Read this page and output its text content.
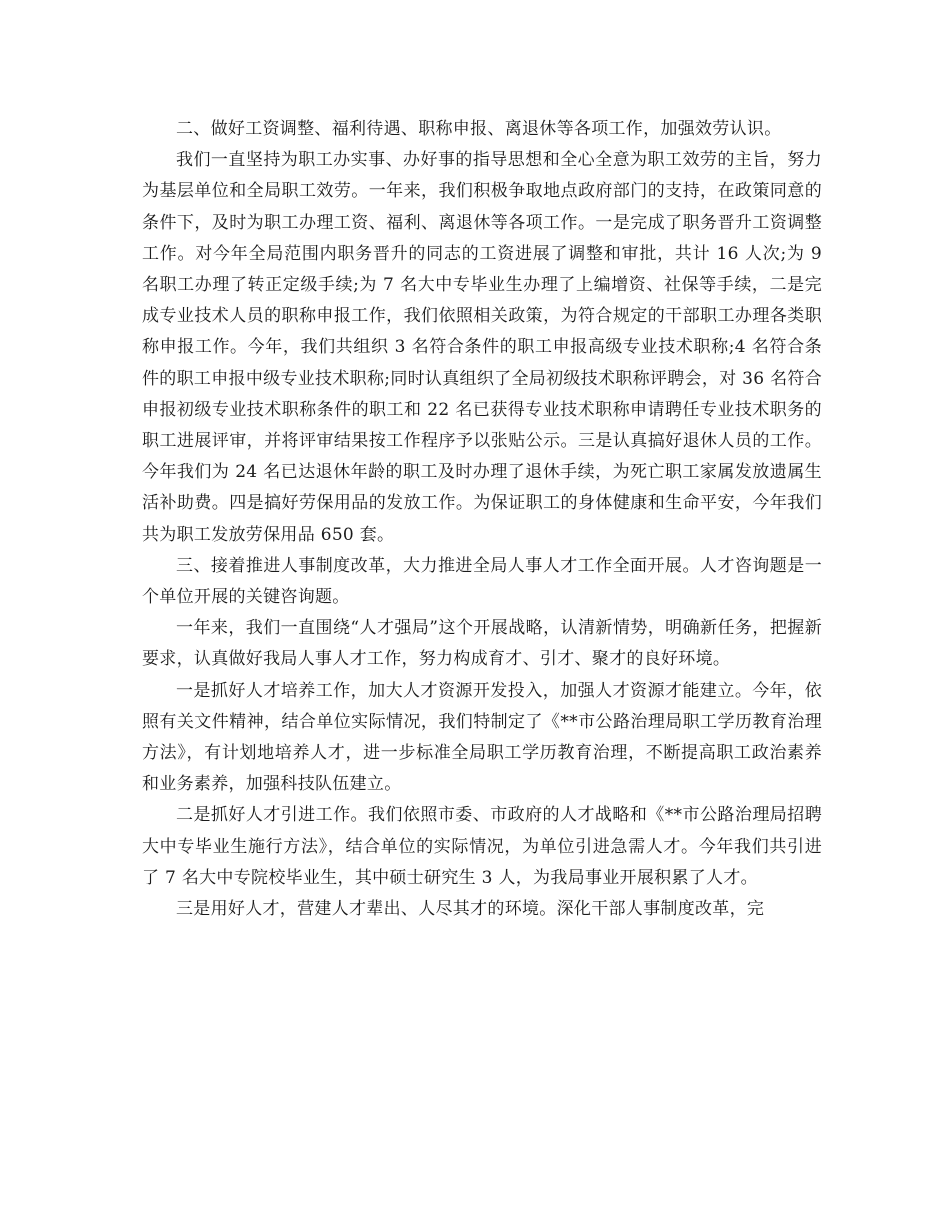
二、做好工资调整、福利待遇、职称申报、离退休等各项工作，加强效劳认识。

我们一直坚持为职工办实事、办好事的指导思想和全心全意为职工效劳的主旨，努力为基层单位和全局职工效劳。一年来，我们积极争取地点政府部门的支持，在政策同意的条件下，及时为职工办理工资、福利、离退休等各项工作。一是完成了职务晋升工资调整工作。对今年全局范围内职务晋升的同志的工资进展了调整和审批，共计 16 人次;为 9 名职工办理了转正定级手续;为 7 名大中专毕业生办理了上编增资、社保等手续，二是完成专业技术人员的职称申报工作，我们依照相关政策，为符合规定的干部职工办理各类职称申报工作。今年，我们共组织 3 名符合条件的职工申报高级专业技术职称;4 名符合条件的职工申报中级专业技术职称;同时认真组织了全局初级技术职称评聘会，对 36 名符合申报初级专业技术职称条件的职工和 22 名已获得专业技术职称申请聘任专业技术职务的职工进展评审，并将评审结果按工作程序予以张贴公示。三是认真搞好退休人员的工作。今年我们为 24 名已达退休年龄的职工及时办理了退休手续，为死亡职工家属发放遗属生活补助费。四是搞好劳保用品的发放工作。为保证职工的身体健康和生命平安，今年我们共为职工发放劳保用品 650 套。

三、接着推进人事制度改革，大力推进全局人事人才工作全面开展。人才咨询题是一个单位开展的关键咨询题。

一年来，我们一直围绕“人才强局”这个开展战略，认清新情势，明确新任务，把握新要求，认真做好我局人事人才工作，努力构成育才、引才、聚才的良好环境。

一是抓好人才培养工作，加大人才资源开发投入，加强人才资源才能建立。今年，依照有关文件精神，结合单位实际情况，我们特制定了《**市公路治理局职工学历教育治理方法》，有计划地培养人才，进一步标准全局职工学历教育治理，不断提高职工政治素养和业务素养，加强科技队伍建立。

二是抓好人才引进工作。我们依照市委、市政府的人才战略和《**市公路治理局招聘大中专毕业生施行方法》，结合单位的实际情况，为单位引进急需人才。今年我们共引进了 7 名大中专院校毕业生，其中硕士研究生 3 人，为我局事业开展积累了人才。

三是用好人才，营建人才辈出、人尽其才的环境。深化干部人事制度改革，完
